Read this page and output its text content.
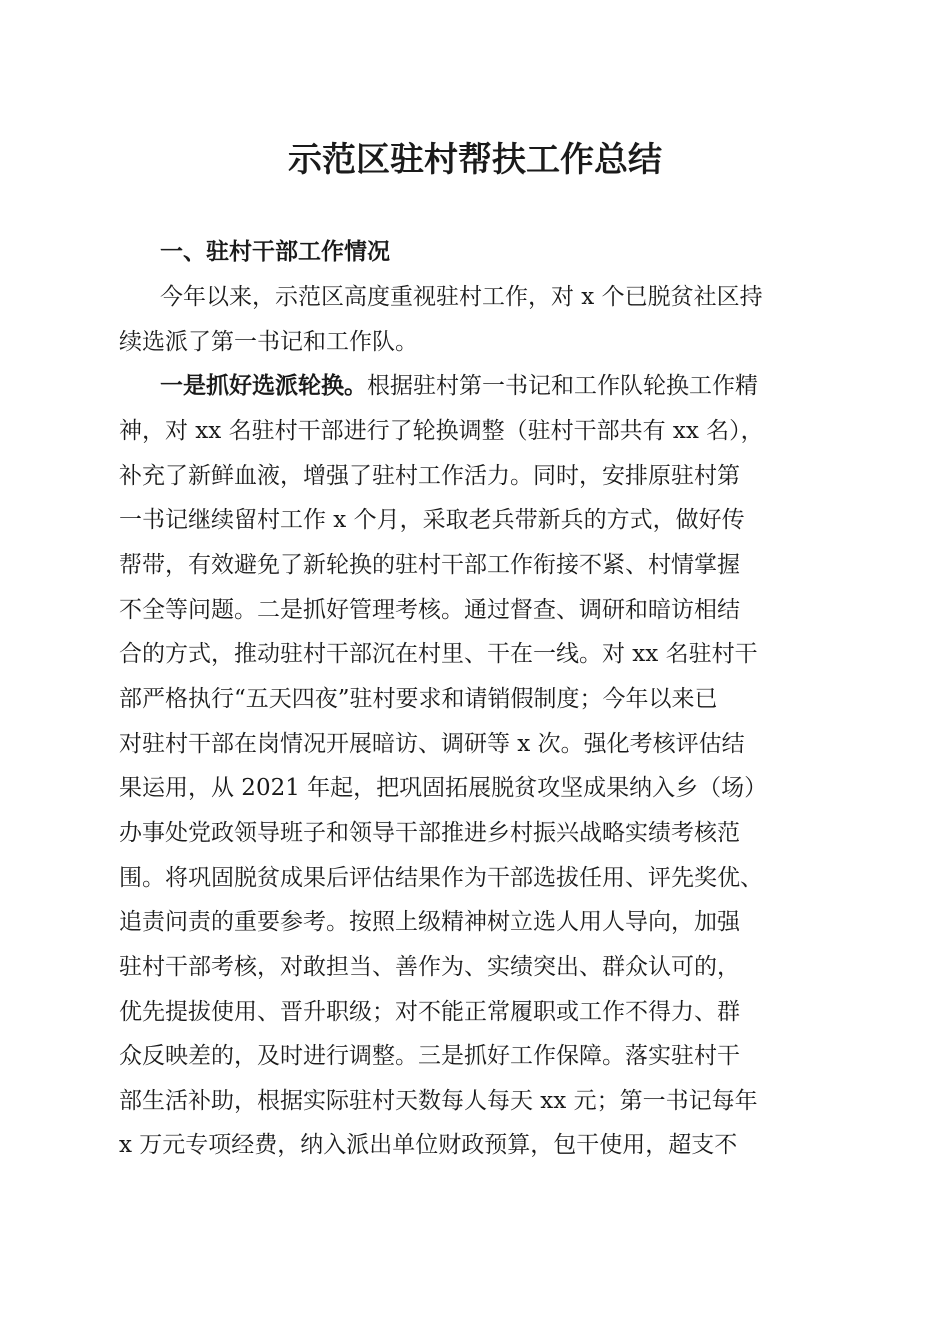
示范区驻村帮扶工作总结
一、驻村干部工作情况

今年以来，示范区高度重视驻村工作，对 x 个已脱贫社区持

续选派了第一书记和工作队。

一是抓好选派轮换。根据驻村第一书记和工作队轮换工作精

神，对 xx 名驻村干部进行了轮换调整（驻村干部共有 xx 名），

补充了新鲜血液，增强了驻村工作活力。同时，安排原驻村第

一书记继续留村工作 x 个月，采取老兵带新兵的方式，做好传

帮带，有效避免了新轮换的驻村干部工作衔接不紧、村情掌握

不全等问题。二是抓好管理考核。通过督查、调研和暗访相结

合的方式，推动驻村干部沉在村里、干在一线。对 xx 名驻村干

部严格执行“五天四夜”驻村要求和请销假制度；今年以来已

对驻村干部在岗情况开展暗访、调研等 x 次。强化考核评估结

果运用，从 2021 年起，把巩固拓展脱贫攻坚成果纳入乡（场）

办事处党政领导班子和领导干部推进乡村振兴战略实绩考核范

围。将巩固脱贫成果后评估结果作为干部选拔任用、评先奖优、

追责问责的重要参考。按照上级精神树立选人用人导向，加强

驻村干部考核，对敢担当、善作为、实绩突出、群众认可的，

优先提拔使用、晋升职级；对不能正常履职或工作不得力、群

众反映差的，及时进行调整。三是抓好工作保障。落实驻村干

部生活补助，根据实际驻村天数每人每天 xx 元；第一书记每年

x 万元专项经费，纳入派出单位财政预算，包干使用，超支不
